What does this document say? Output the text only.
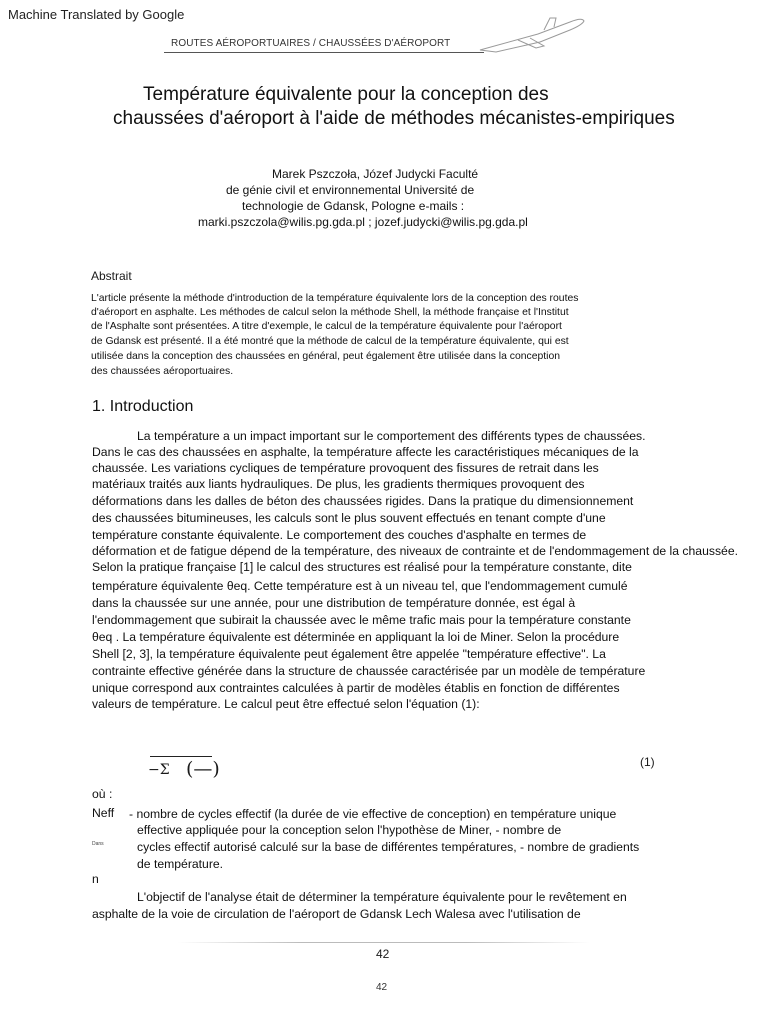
Machine Translated by Google
ROUTES AÉROPORTUAIRES / CHAUSSÉES D'AÉROPORT
Température équivalente pour la conception des
chaussées d'aéroport à l'aide de méthodes mécanistes-empiriques
Marek Pszczoła, Józef Judycki Faculté
de génie civil et environnemental Université de
technologie de Gdansk, Pologne e-mails :
marki.pszczola@wilis.pg.gda.pl ; jozef.judycki@wilis.pg.gda.pl
Abstrait
L'article présente la méthode d'introduction de la température équivalente lors de la conception des routes
d'aéroport en asphalte. Les méthodes de calcul selon la méthode Shell, la méthode française et l'Institut
de l'Asphalte sont présentées. A titre d'exemple, le calcul de la température équivalente pour l'aéroport
de Gdansk est présenté. Il a été montré que la méthode de calcul de la température équivalente, qui est
utilisée dans la conception des chaussées en général, peut également être utilisée dans la conception
des chaussées aéroportuaires.
1. Introduction
La température a un impact important sur le comportement des différents types de chaussées.
Dans le cas des chaussées en asphalte, la température affecte les caractéristiques mécaniques de la
chaussée. Les variations cycliques de température provoquent des fissures de retrait dans les
matériaux traités aux liants hydrauliques. De plus, les gradients thermiques provoquent des
déformations dans les dalles de béton des chaussées rigides. Dans la pratique du dimensionnement
des chaussées bitumineuses, les calculs sont le plus souvent effectués en tenant compte d'une
température constante équivalente. Le comportement des couches d'asphalte en termes de
déformation et de fatigue dépend de la température, des niveaux de contrainte et de l'endommagement de la chaussée.
Selon la pratique française [1] le calcul des structures est réalisé pour la température constante, dite
température équivalente θeq. Cette température est à un niveau tel, que l'endommagement cumulé
dans la chaussée sur une année, pour une distribution de température donnée, est égal à
l'endommagement que subirait la chaussée avec le même trafic mais pour la température constante
θeq . La température équivalente est déterminée en appliquant la loi de Miner. Selon la procédure
Shell [2, 3], la température équivalente peut également être appelée "température effective". La
contrainte effective générée dans la structure de chaussée caractérisée par un modèle de température
unique correspond aux contraintes calculées à partir de modèles établis en fonction de différentes
valeurs de température. Le calcul peut être effectué selon l'équation (1):
−Σ (—)	(1)
où :
Neff - nombre de cycles effectif (la durée de vie effective de conception) en température unique
effective appliquée pour la conception selon l'hypothèse de Miner, - nombre de
Dans	cycles effectif autorisé calculé sur la base de différentes températures, - nombre de gradients
de température.
n
L'objectif de l'analyse était de déterminer la température équivalente pour le revêtement en
asphalte de la voie de circulation de l'aéroport de Gdansk Lech Walesa avec l'utilisation de
42
42
